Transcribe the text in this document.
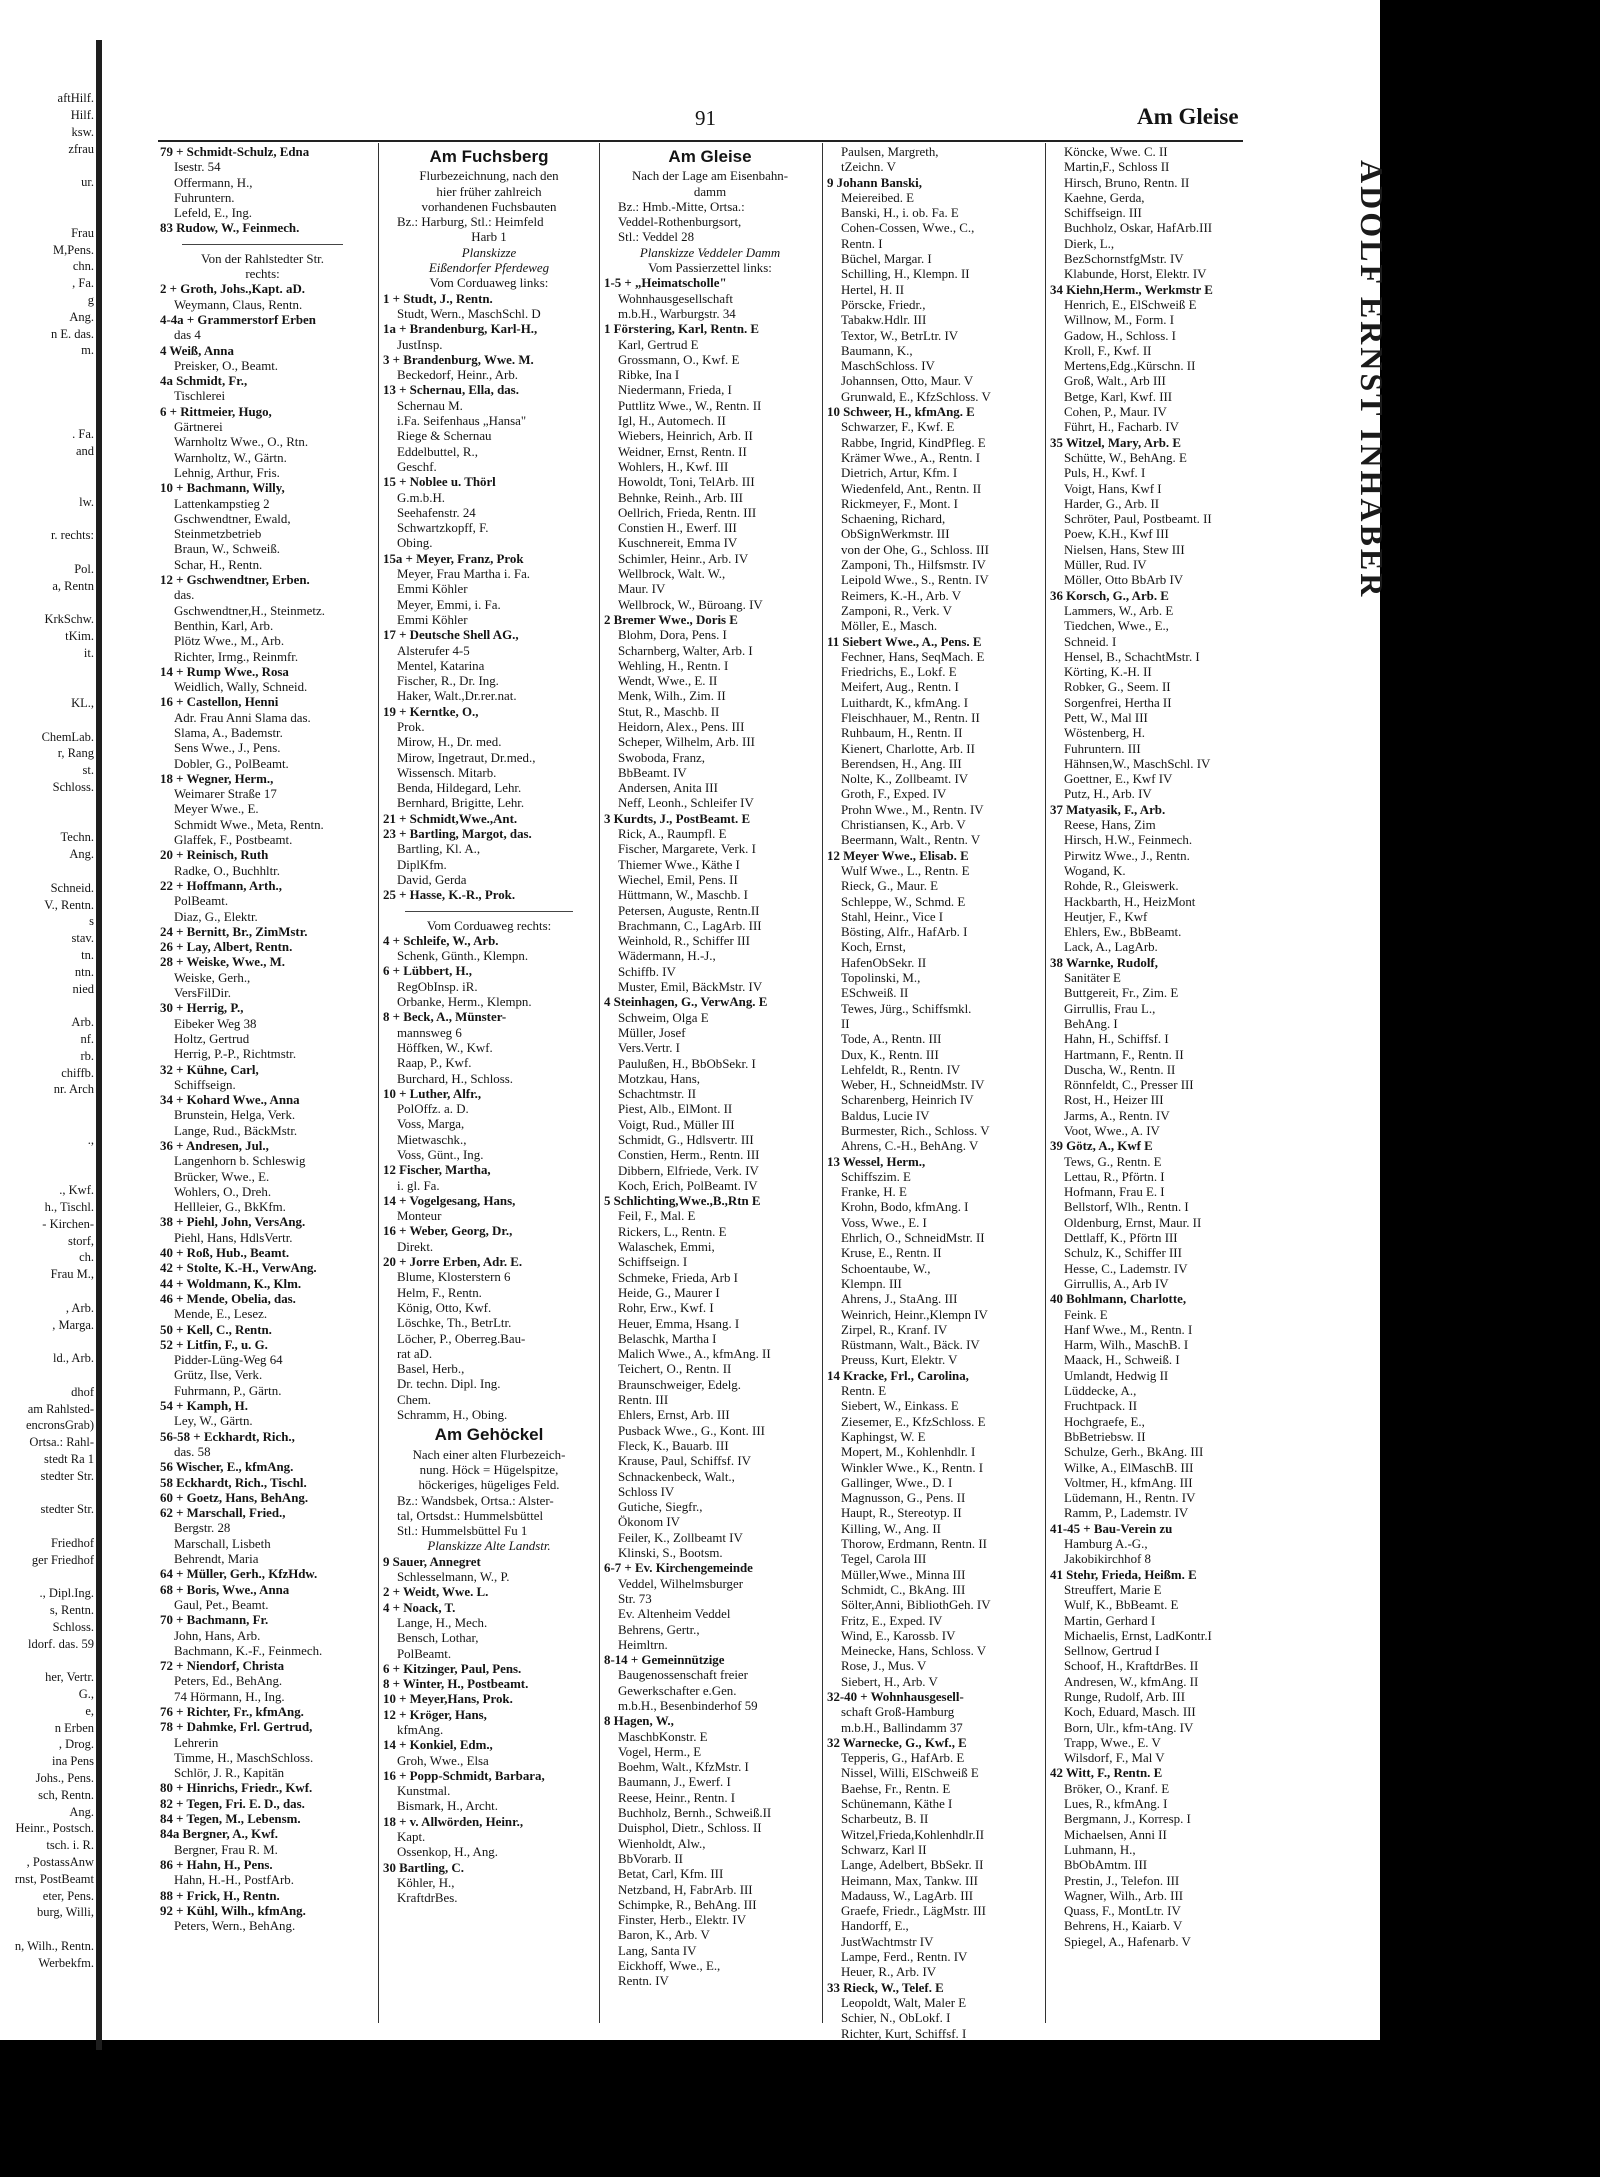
aftHilf.
Hilf.
ksw.
zfrau

ur.

Frau
M,Pens.
chn.
, Fa.
g
Ang.
n E. das.
m.

. Fa.
and

lw.

r. rechts:

Pol.
a, Rentn

KrkSchw.
tKim.
it.

KL.,

ChemLab.
r, Rang
st.
Schloss.

Techn.
Ang.

Schneid.
V., Rentn.
s
stav.
tn.
ntn.
nied

Arb.
nf.
rb.
chiffb.
nr. Arch

.,

., Kwf.
h., Tischl.
- Kirchen-
storf,
ch.
Frau M.,

, Arb.
, Marga.

ld., Arb.

dhof
am Rahlsted-
encronsGrab)
Ortsa.: Rahl-
stedt Ra 1
stedter Str.

stedter Str.

Friedhof
ger Friedhof

., Dipl.Ing.
s, Rentn.
Schloss.
ldorf. das. 59

her, Vertr.
G.,
e,
n Erben
, Drog.
ina Pens
Johs., Pens.
sch, Rentn.
Ang.
Heinr., Postsch.
tsch. i. R.
, PostassAnw
rnst, PostBeamt
eter, Pens.
burg, Willi,

n, Wilh., Rentn.
Werbekfm.
91	Am Gleise
79 + Schmidt-Schulz, Edna
Isestr. 54
Offermann, H.,
Fuhruntern.
Lefeld, E., Ing.
83 Rudow, W., Feinmech.
Von der Rahlstedter Str.
rechts:
2 + Groth, Johs.,Kapt. aD.
Weymann, Claus, Rentn.
4-4a + Grammerstorf Erben
das 4
4 Weiß, Anna
Preisker, O., Beamt.
4a Schmidt, Fr.,
Tischlerei
6 + Rittmeier, Hugo,
Gärtnerei
Warnholtz Wwe., O., Rtn.
Warnholtz, W., Gärtn.
Lehnig, Arthur, Fris.
10 + Bachmann, Willy,
Lattenkampstieg 2
Gschwendtner, Ewald,
Steinmetzbetrieb
Braun, W., Schweiß.
Schar, H., Rentn.
12 + Gschwendtner, Erben.
das.
Gschwendtner,H., Steinmetz.
Benthin, Karl, Arb.
Plötz Wwe., M., Arb.
Richter, Irmg., Reinmfr.
14 + Rump Wwe., Rosa
Weidlich, Wally, Schneid.
16 + Castellon, Henni
Adr. Frau Anni Slama das.
Slama, A., Bademstr.
Sens Wwe., J., Pens.
Dobler, G., PolBeamt.
18 + Wegner, Herm.,
Weimarer Straße 17
Meyer Wwe., E.
Schmidt Wwe., Meta, Rentn.
Glaffek, F., Postbeamt.
20 + Reinisch, Ruth
Radke, O., Buchhltr.
22 + Hoffmann, Arth.,
PolBeamt.
Diaz, G., Elektr.
24 + Bernitt, Br., ZimMstr.
26 + Lay, Albert, Rentn.
28 + Weiske, Wwe., M.
Weiske, Gerh.,
VersFilDir.
30 + Herrig, P.,
Eibeker Weg 38
Holtz, Gertrud
Herrig, P.-P., Richtmstr.
32 + Kühne, Carl,
Schiffseign.
34 + Kohard Wwe., Anna
Brunstein, Helga, Verk.
Lange, Rud., BäckMstr.
36 + Andresen, Jul.,
Langenhorn b. Schleswig
Brücker, Wwe., E.
Wohlers, O., Dreh.
Hellleier, G., BkKfm.
38 + Piehl, John, VersAng.
Piehl, Hans, HdlsVertr.
40 + Roß, Hub., Beamt.
42 + Stolte, K.-H., VerwAng.
44 + Woldmann, K., Klm.
46 + Mende, Obelia, das.
Mende, E., Lesez.
50 + Kell, C., Rentn.
52 + Litfin, F., u. G.
Pidder-Lüng-Weg 64
Grütz, Ilse, Verk.
Fuhrmann, P., Gärtn.
54 + Kamph, H.
Ley, W., Gärtn.
56-58 + Eckhardt, Rich.,
das. 58
56 Wischer, E., kfmAng.
58 Eckhardt, Rich., Tischl.
60 + Goetz, Hans, BehAng.
62 + Marschall, Fried.,
Bergstr. 28
Marschall, Lisbeth
Behrendt, Maria
64 + Müller, Gerh., KfzHdw.
68 + Boris, Wwe., Anna
Gaul, Pet., Beamt.
70 + Bachmann, Fr.
John, Hans, Arb.
Bachmann, K.-F., Feinmech.
72 + Niendorf, Christa
Peters, Ed., BehAng.
74 Hörmann, H., Ing.
76 + Richter, Fr., kfmAng.
78 + Dahmke, Frl. Gertrud,
Lehrerin
Timme, H., MaschSchloss.
Schlör, J. R., Kapitän
80 + Hinrichs, Friedr., Kwf.
82 + Tegen, Fri. E. D., das.
84 + Tegen, M., Lebensm.
84a Bergner, A., Kwf.
Bergner, Frau R. M.
86 + Hahn, H., Pens.
Hahn, H.-H., PostfArb.
88 + Frick, H., Rentn.
92 + Kühl, Wilh., kfmAng.
Peters, Wern., BehAng.
Am Fuchsberg
Flurbezeichnung, nach den
hier früher zahlreich
vorhandenen Fuchsbauten
Bz.: Harburg, Stl.: Heimfeld
Harb 1
Planskizze
Eißendorfer Pferdeweg
Vom Corduaweg links:
1 + Studt, J., Rentn.
Studt, Wern., MaschSchl. D
1a + Brandenburg, Karl-H.,
JustInsp.
3 + Brandenburg, Wwe. M.
Beckedorf, Heinr., Arb.
13 + Schernau, Ella, das.
Schernau M.
i.Fa. Seifenhaus „Hansa"
Riege & Schernau
Eddelbuttel, R.,
Geschf.
15 + Noblee u. Thörl
G.m.b.H.
Seehafenstr. 24
Schwartzkopff, F.
Obing.
15a + Meyer, Franz, Prok
Meyer, Frau Martha i. Fa.
Emmi Köhler
Meyer, Emmi, i. Fa.
Emmi Köhler
17 + Deutsche Shell AG.,
Alsterufer 4-5
Mentel, Katarina
Fischer, R., Dr. Ing.
Haker, Walt.,Dr.rer.nat.
19 + Kerntke, O.,
Prok.
Mirow, H., Dr. med.
Mirow, Ingetraut, Dr.med.,
Wissensch. Mitarb.
Benda, Hildegard, Lehr.
Bernhard, Brigitte, Lehr.
21 + Schmidt,Wwe.,Ant.
23 + Bartling, Margot, das.
Bartling, Kl. A.,
DiplKfm.
David, Gerda
25 + Hasse, K.-R., Prok.
Vom Corduaweg rechts:
4 + Schleife, W., Arb.
Schenk, Günth., Klempn.
6 + Lübbert, H.,
RegObInsp. iR.
Orbanke, Herm., Klempn.
8 + Beck, A., Münster-
mannsweg 6
Höffken, W., Kwf.
Raap, P., Kwf.
Burchard, H., Schloss.
10 + Luther, Alfr.,
PolOffz. a. D.
Voss, Marga,
Mietwaschk.,
Voss, Günt., Ing.
12 Fischer, Martha,
i. gl. Fa.
14 + Vogelgesang, Hans,
Monteur
16 + Weber, Georg, Dr.,
Direkt.
20 + Jorre Erben, Adr. E.
Blume, Klosterstern 6
Helm, F., Rentn.
König, Otto, Kwf.
Löschke, Th., BetrLtr.
Löcher, P., Oberreg.Bau-
rat aD.
Basel, Herb.,
Dr. techn. Dipl. Ing.
Chem.
Schramm, H., Obing.
Am Gehöckel
Nach einer alten Flurbezeich-
nung. Höck = Hügelspitze,
höckeriges, hügeliges Feld.
Bz.: Wandsbek, Ortsa.: Alster-
tal, Ortsdst.: Hummelsbüttel
Stl.: Hummelsbüttel Fu 1
Planskizze Alte Landstr.
9 Sauer, Annegret
Schlesselmann, W., P.
2 + Weidt, Wwe. L.
4 + Noack, T.
Lange, H., Mech.
Bensch, Lothar,
PolBeamt.
6 + Kitzinger, Paul, Pens.
8 + Winter, H., Postbeamt.
10 + Meyer,Hans, Prok.
12 + Kröger, Hans,
kfmAng.
14 + Konkiel, Edm.,
Groh, Wwe., Elsa
16 + Popp-Schmidt, Barbara,
Kunstmal.
Bismark, H., Archt.
18 + v. Allwörden, Heinr.,
Kapt.
Ossenkop, H., Ang.
30 Bartling, C.
Köhler, H.,
KraftdrBes.
Am Gleise
Nach der Lage am Eisenbahn-
damm
Bz.: Hmb.-Mitte, Ortsa.:
Veddel-Rothenburgsort,
Stl.: Veddel 28
Planskizze Veddeler Damm
Vom Passierzettel links:
1-5 + „Heimatscholle"
Wohnhausgesellschaft
m.b.H., Warburgstr. 34
1 Förstering, Karl, Rentn. E
Karl, Gertrud E
Grossmann, O., Kwf. E
Ribke, Ina I
Niedermann, Frieda, I
Puttlitz Wwe., W., Rentn. II
Igl, H., Automech. II
Wiebers, Heinrich, Arb. II
Weidner, Ernst, Rentn. II
Wohlers, H., Kwf. III
Howoldt, Toni, TelArb. III
Behnke, Reinh., Arb. III
Oellrich, Frieda, Rentn. III
Constien H., Ewerf. III
Kuschnereit, Emma IV
Schimler, Heinr., Arb. IV
Wellbrock, Walt. W.,
Maur. IV
Wellbrock, W., Büroang. IV
2 Bremer Wwe., Doris E
Blohm, Dora, Pens. I
Scharnberg, Walter, Arb. I
Wehling, H., Rentn. I
Wendt, Wwe., E. II
Menk, Wilh., Zim. II
Stut, R., Maschb. II
Heidorn, Alex., Pens. III
Scheper, Wilhelm, Arb. III
Swoboda, Franz,
BbBeamt. IV
Andersen, Anita III
Neff, Leonh., Schleifer IV
3 Kurdts, J., PostBeamt. E
Rick, A., Raumpfl. E
Fischer, Margarete, Verk. I
Thiemer Wwe., Käthe I
Wiechel, Emil, Pens. II
Hüttmann, W., Maschb. I
Petersen, Auguste, Rentn.II
Brachmann, C., LagArb. III
Weinhold, R., Schiffer III
Wädermann, H.-J.,
Schiffb. IV
Muster, Emil, BäckMstr. IV
4 Steinhagen, G., VerwAng. E
Schweim, Olga E
Müller, Josef
Vers.Vertr. I
Paulußen, H., BbObSekr. I
Motzkau, Hans,
Schachtmstr. II
Piest, Alb., ElMont. II
Voigt, Rud., Müller III
Schmidt, G., Hdlsvertr. III
Constien, Herm., Rentn. III
Dibbern, Elfriede, Verk. IV
Koch, Erich, PolBeamt. IV
5 Schlichting,Wwe.,B.,Rtn E
Feil, F., Mal. E
Rickers, L., Rentn. E
Walaschek, Emmi,
Schiffseign. I
Schmeke, Frieda, Arb I
Heide, G., Maurer I
Rohr, Erw., Kwf. I
Heuer, Emma, Hsang. I
Belaschk, Martha I
Malich Wwe., A., kfmAng. II
Teichert, O., Rentn. II
Braunschweiger, Edelg.
Rentn. III
Ehlers, Ernst, Arb. III
Pusback Wwe., G., Kont. III
Fleck, K., Bauarb. III
Krause, Paul, Schiffsf. IV
Schnackenbeck, Walt.,
Schloss IV
Gutiche, Siegfr.,
Ökonom IV
Feiler, K., Zollbeamt IV
Klinski, S., Bootsm.
6-7 + Ev. Kirchengemeinde
Veddel, Wilhelmsburger
Str. 73
Ev. Altenheim Veddel
Behrens, Gertr.,
Heimltrn.
8-14 + Gemeinnützige
Baugenossenschaft freier
Gewerkschafter e.Gen.
m.b.H., Besenbinderhof 59
8 Hagen, W.,
MaschbKonstr. E
Vogel, Herm., E
Boehm, Walt., KfzMstr. I
Baumann, J., Ewerf. I
Reese, Heinr., Rentn. I
Buchholz, Bernh., Schweiß.II
Duisphol, Dietr., Schloss. II
Wienholdt, Alw.,
BbVorarb. II
Betat, Carl, Kfm. III
Netzband, H, FabrArb. III
Schimpke, R., BehAng. III
Finster, Herb., Elektr. IV
Baron, K., Arb. V
Lang, Santa IV
Eickhoff, Wwe., E.,
Rentn. IV
Paulsen, Margreth,
tZeichn. V
9 Johann Banski,
Meiereibed. E
Banski, H., i. ob. Fa. E
Cohen-Cossen, Wwe., C.,
Rentn. I
Büchel, Margar. I
Schilling, H., Klempn. II
Hertel, H. II
Pörscke, Friedr.,
Tabakw.Hdlr. III
Textor, W., BetrLtr. IV
Baumann, K.,
MaschSchloss. IV
Johannsen, Otto, Maur. V
Grunwald, E., KfzSchloss. V
10 Schweer, H., kfmAng. E
Schwarzer, F., Kwf. E
Rabbe, Ingrid, KindPfleg. E
Krämer Wwe., A., Rentn. I
Dietrich, Artur, Kfm. I
Wiedenfeld, Ant., Rentn. II
Rickmeyer, F., Mont. I
Schaening, Richard,
ObSignWerkmstr. III
von der Ohe, G., Schloss. III
Zamponi, Th., Hilfsmstr. IV
Leipold Wwe., S., Rentn. IV
Reimers, K.-H., Arb. V
Zamponi, R., Verk. V
Möller, E., Masch.
11 Siebert Wwe., A., Pens. E
Fechner, Hans, SeqMach. E
Friedrichs, E., Lokf. E
Meifert, Aug., Rentn. I
Luithardt, K., kfmAng. I
Fleischhauer, M., Rentn. II
Ruhbaum, H., Rentn. II
Kienert, Charlotte, Arb. II
Berendsen, H., Ang. III
Nolte, K., Zollbeamt. IV
Groth, F., Exped. IV
Prohn Wwe., M., Rentn. IV
Christiansen, K., Arb. V
Beermann, Walt., Rentn. V
12 Meyer Wwe., Elisab. E
Wulf Wwe., L., Rentn. E
Rieck, G., Maur. E
Schleppe, W., Schmd. E
Stahl, Heinr., Vice I
Bösting, Alfr., HafArb. I
Koch, Ernst,
HafenObSekr. II
Topolinski, M.,
ESchweiß. II
Tewes, Jürg., Schiffsmkl.
II
Tode, A., Rentn. III
Dux, K., Rentn. III
Lehfeldt, R., Rentn. IV
Weber, H., SchneidMstr. IV
Scharenberg, Heinrich IV
Baldus, Lucie IV
Burmester, Rich., Schloss. V
Ahrens, C.-H., BehAng. V
13 Wessel, Herm.,
Schiffszim. E
Franke, H. E
Krohn, Bodo, kfmAng. I
Voss, Wwe., E. I
Ehrlich, O., SchneidMstr. II
Kruse, E., Rentn. II
Schoentaube, W.,
Klempn. III
Ahrens, J., StaAng. III
Weinrich, Heinr.,Klempn IV
Zirpel, R., Kranf. IV
Rüstmann, Walt., Bäck. IV
Preuss, Kurt, Elektr. V
14 Kracke, Frl., Carolina,
Rentn. E
Siebert, W., Einkass. E
Ziesemer, E., KfzSchloss. E
Kaphingst, W. E
Mopert, M., Kohlenhdlr. I
Winkler Wwe., K., Rentn. I
Gallinger, Wwe., D. I
Magnusson, G., Pens. II
Haupt, R., Stereotyp. II
Killing, W., Ang. II
Thorow, Erdmann, Rentn. II
Tegel, Carola III
Müller,Wwe., Minna III
Schmidt, C., BkAng. III
Sölter,Anni, BibliothGeh. IV
Fritz, E., Exped. IV
Wind, E., Karossb. IV
Meinecke, Hans, Schloss. V
Rose, J., Mus. V
Siebert, H., Arb. V
32-40 + Wohnhausgesell-
schaft Groß-Hamburg
m.b.H., Ballindamm 37
32 Warnecke, G., Kwf., E
Tepperis, G., HafArb. E
Nissel, Willi, ElSchweiß E
Baehse, Fr., Rentn. E
Schünemann, Käthe I
Scharbeutz, B. II
Witzel,Frieda,Kohlenhdlr.II
Schwarz, Karl II
Lange, Adelbert, BbSekr. II
Heimann, Max, Tankw. III
Madauss, W., LagArb. III
Graefe, Friedr., LägMstr. III
Handorff, E.,
JustWachtmstr IV
Lampe, Ferd., Rentn. IV
Heuer, R., Arb. IV
33 Rieck, W., Telef. E
Leopoldt, Walt, Maler E
Schier, N., ObLokf. I
Richter, Kurt, Schiffsf. I
Köncke, Wwe. C. II
Martin,F., Schloss II
Hirsch, Bruno, Rentn. II
Kaehne, Gerda,
Schiffseign. III
Buchholz, Oskar, HafArb.III
Dierk, L.,
BezSchornstfgMstr. IV
Klabunde, Horst, Elektr. IV
34 Kiehn,Herm., Werkmstr E
Henrich, E., ElSchweiß E
Willnow, M., Form. I
Gadow, H., Schloss. I
Kroll, F., Kwf. II
Mertens,Edg.,Kürschn. II
Groß, Walt., Arb III
Betge, Karl, Kwf. III
Cohen, P., Maur. IV
Führt, H., Facharb. IV
35 Witzel, Mary, Arb. E
Schütte, W., BehAng. E
Puls, H., Kwf. I
Voigt, Hans, Kwf I
Harder, G., Arb. II
Schröter, Paul, Postbeamt. II
Poew, K.H., Kwf III
Nielsen, Hans, Stew III
Müller, Rud. IV
Möller, Otto BbArb IV
36 Korsch, G., Arb. E
Lammers, W., Arb. E
Tiedchen, Wwe., E.,
Schneid. I
Hensel, B., SchachtMstr. I
Körting, K.-H. II
Robker, G., Seem. II
Sorgenfrei, Hertha II
Pett, W., Mal III
Wöstenberg, H.
Fuhruntern. III
Hähnsen,W., MaschSchl. IV
Goettner, E., Kwf IV
Putz, H., Arb. IV
37 Matyasik, F., Arb.
Reese, Hans, Zim
Hirsch, H.W., Feinmech.
Pirwitz Wwe., J., Rentn.
Wogand, K.
Rohde, R., Gleiswerk.
Hackbarth, H., HeizMont
Heutjer, F., Kwf
Ehlers, Ew., BbBeamt.
Lack, A., LagArb.
38 Warnke, Rudolf,
Sanitäter E
Buttgereit, Fr., Zim. E
Girrullis, Frau L.,
BehAng. I
Hahn, H., Schiffsf. I
Hartmann, F., Rentn. II
Duscha, W., Rentn. II
Rönnfeldt, C., Presser III
Rost, H., Heizer III
Jarms, A., Rentn. IV
Voot, Wwe., A. IV
39 Götz, A., Kwf E
Tews, G., Rentn. E
Lettau, R., Pförtn. I
Hofmann, Frau E. I
Bellstorf, Wlh., Rentn. I
Oldenburg, Ernst, Maur. II
Dettlaff, K., Pförtn III
Schulz, K., Schiffer III
Hesse, C., Lademstr. IV
Girrullis, A., Arb IV
40 Bohlmann, Charlotte,
Feink. E
Hanf Wwe., M., Rentn. I
Harm, Wilh., MaschB. I
Maack, H., Schweiß. I
Umlandt, Hedwig II
Lüddecke, A.,
Fruchtpack. II
Hochgraefe, E.,
BbBetriebsw. II
Schulze, Gerh., BkAng. III
Wilke, A., ElMaschB. III
Voltmer, H., kfmAng. III
Lüdemann, H., Rentn. IV
Ramm, P., Lademstr. IV
41-45 + Bau-Verein zu
Hamburg A.-G.,
Jakobikirchhof 8
41 Stehr, Frieda, Heißm. E
Streuffert, Marie E
Wulf, K., BbBeamt. E
Martin, Gerhard I
Michaelis, Ernst, LadKontr.I
Sellnow, Gertrud I
Schoof, H., KraftdrBes. II
Andresen, W., kfmAng. II
Runge, Rudolf, Arb. III
Koch, Eduard, Masch. III
Born, Ulr., kfm-tAng. IV
Trapp, Wwe., E. V
Wilsdorf, F., Mal V
42 Witt, F., Rentn. E
Bröker, O., Kranf. E
Lues, R., kfmAng. I
Bergmann, J., Korresp. I
Michaelsen, Anni II
Luhmann, H.,
BbObAmtm. III
Prestin, J., Telefon. III
Wagner, Wilh., Arb. III
Quass, F., MontLtr. IV
Behrens, H., Kaiarb. V
Spiegel, A., Hafenarb. V
ADOLF ERNST INHABER
